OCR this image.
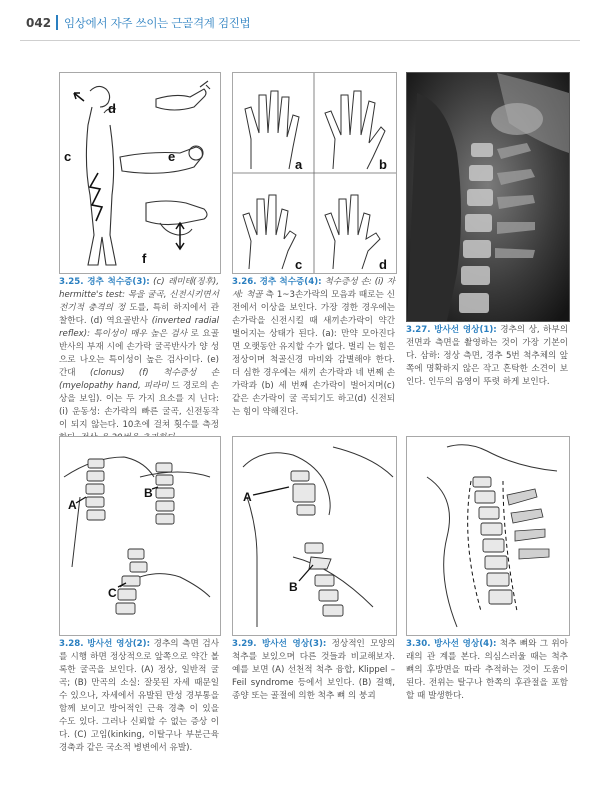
042 임상에서 자주 쓰이는 근골격계 검진법
d
c	e
f
3.25. 경추 척수증(3): (c) 레미테(징후), hermitte's test: 목을 굴곡, 신전시키면서 전기적 충격의 정 도를, 특히 하지에서 관찰한다. (d) 역요골반사 (inverted radial reflex): 특이성이 매우 높은 검사 로 요골 반사의 부재 시에 손가락 굴곡반사가 양 성으로 나오는 특이성이 높은 검사이다. (e) 간대 (clonus) (f) 척수증성 손(myelopathy hand, 피라미 드 경로의 손상을 보임). 이는 두 가지 요소를 지 닌다: (i) 운동성: 손가락의 빠른 굴곡, 신전동작이 되지 않는다. 10초에 걸쳐 횟수를 측정
a	b
c	d
3.26. 경추 척수증(4): 척수증성 손: (i) 자세: 척골 측 1~3손가락의 모음과 때로는 신전에서 이상을 보인다. 가장 경한 경우에는 손가락을 신전시킬 때 새끼손가락이 약간 벌어지는 상태가 된다. (a): 만약 모아진다면 오랫동안 유지할 수가 없다. 벌리 는 힘은 정상이며 척골신경 마비와 감별해야 한다. 더 심한 경우에는 새끼 손가락과 네 번째 손가락과 (b) 세 번째 손가락이 벌어지며(c) 같은 손가락이 굴 곡되기도 하고(d) 신전되는 힘이 약해진다.
3.27. 방사선 영상(1): 경추의 상, 하부의 전면과 측면을 촬영하는 것이 가장 기본이다. 삼하: 정상 측면, 경추 5번 척추체의 앞쪽에 명확하지 않은 작고 흔탁한 소견이 보인다. 인두의 음영이 뚜렷 하게 보인다.
A
B
C
3.28. 방사선 영상(2): 경추의 측면 검사를 시행 하면 정상적으로 앞쪽으로 약간 볼록한 굴곡을 보인다. (A) 정상, 일반적 굴곡; (B) 만곡의 소실: 잘못된 자세 때문일 수 있으나, 자세에서 유발된 만성 경부통을 함께 보이고 방어적인 근육 경축 이 있을 수도 있다. 그러나 신뢰할 수 없는 증상 이다. (C) 고임(kinking, 이탈구나 부분근육경축과 같은 국소적 병변에서 유발).
A
B
3.29. 방사선 영상(3): 정상적인 모양의 척추를 보있으며 다른 것들과 비교해보자. 예를 보면 (A) 선천적 척추 융합, Klippel – Feil syndrome 등에서 보인다. (B) 결핵, 종양 또는 골절에 의한 척추 뼈 의 붕괴
3.30. 방사선 영상(4): 척추 뼈와 그 위아래의 관 계를 본다. 의심스러울 때는 척추 뼈의 후방면을 따라 추적하는 것이 도움이 된다. 전위는 탈구나 한쪽의 후관절을 포함할 때 발생한다.
